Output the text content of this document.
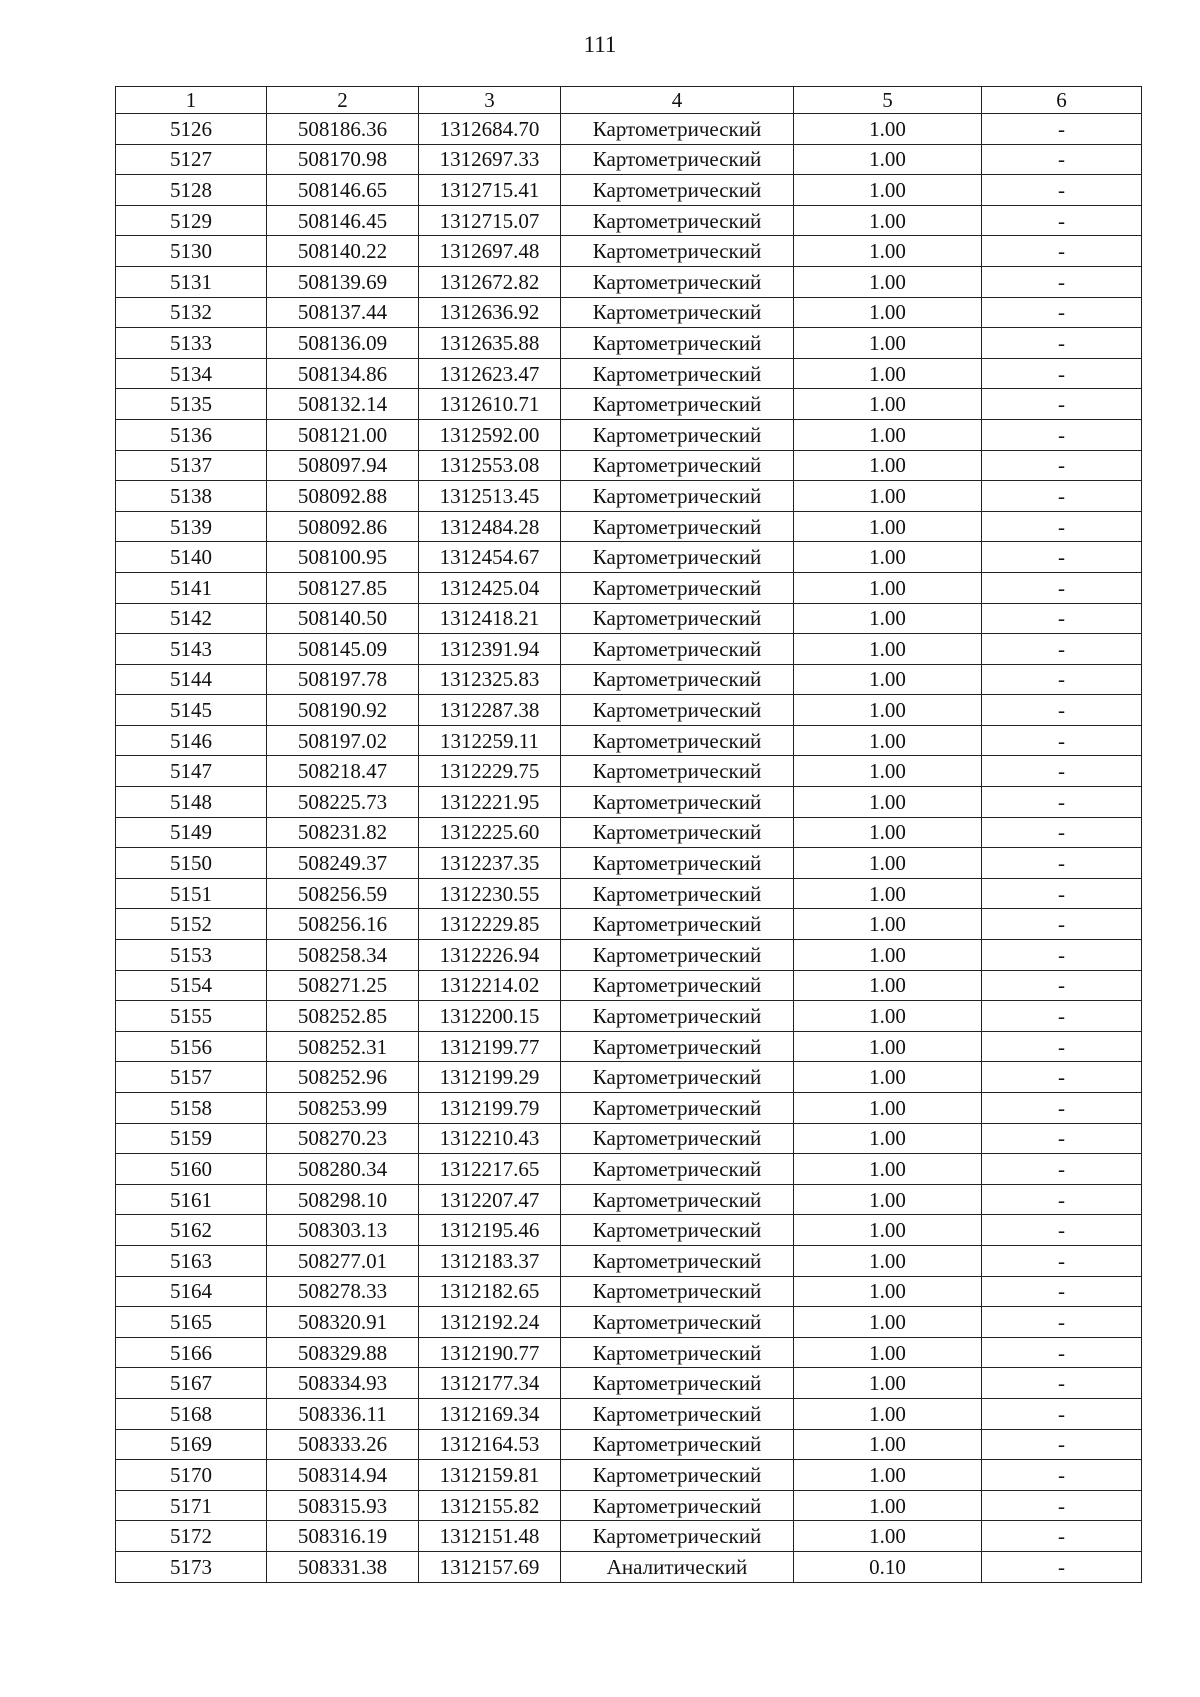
111
1	2	3	4	5	6
5126	508186.36	1312684.70	Картометрический	1.00	-
5127	508170.98	1312697.33	Картометрический	1.00	-
5128	508146.65	1312715.41	Картометрический	1.00	-
5129	508146.45	1312715.07	Картометрический	1.00	-
5130	508140.22	1312697.48	Картометрический	1.00	-
5131	508139.69	1312672.82	Картометрический	1.00	-
5132	508137.44	1312636.92	Картометрический	1.00	-
5133	508136.09	1312635.88	Картометрический	1.00	-
5134	508134.86	1312623.47	Картометрический	1.00	-
5135	508132.14	1312610.71	Картометрический	1.00	-
5136	508121.00	1312592.00	Картометрический	1.00	-
5137	508097.94	1312553.08	Картометрический	1.00	-
5138	508092.88	1312513.45	Картометрический	1.00	-
5139	508092.86	1312484.28	Картометрический	1.00	-
5140	508100.95	1312454.67	Картометрический	1.00	-
5141	508127.85	1312425.04	Картометрический	1.00	-
5142	508140.50	1312418.21	Картометрический	1.00	-
5143	508145.09	1312391.94	Картометрический	1.00	-
5144	508197.78	1312325.83	Картометрический	1.00	-
5145	508190.92	1312287.38	Картометрический	1.00	-
5146	508197.02	1312259.11	Картометрический	1.00	-
5147	508218.47	1312229.75	Картометрический	1.00	-
5148	508225.73	1312221.95	Картометрический	1.00	-
5149	508231.82	1312225.60	Картометрический	1.00	-
5150	508249.37	1312237.35	Картометрический	1.00	-
5151	508256.59	1312230.55	Картометрический	1.00	-
5152	508256.16	1312229.85	Картометрический	1.00	-
5153	508258.34	1312226.94	Картометрический	1.00	-
5154	508271.25	1312214.02	Картометрический	1.00	-
5155	508252.85	1312200.15	Картометрический	1.00	-
5156	508252.31	1312199.77	Картометрический	1.00	-
5157	508252.96	1312199.29	Картометрический	1.00	-
5158	508253.99	1312199.79	Картометрический	1.00	-
5159	508270.23	1312210.43	Картометрический	1.00	-
5160	508280.34	1312217.65	Картометрический	1.00	-
5161	508298.10	1312207.47	Картометрический	1.00	-
5162	508303.13	1312195.46	Картометрический	1.00	-
5163	508277.01	1312183.37	Картометрический	1.00	-
5164	508278.33	1312182.65	Картометрический	1.00	-
5165	508320.91	1312192.24	Картометрический	1.00	-
5166	508329.88	1312190.77	Картометрический	1.00	-
5167	508334.93	1312177.34	Картометрический	1.00	-
5168	508336.11	1312169.34	Картометрический	1.00	-
5169	508333.26	1312164.53	Картометрический	1.00	-
5170	508314.94	1312159.81	Картометрический	1.00	-
5171	508315.93	1312155.82	Картометрический	1.00	-
5172	508316.19	1312151.48	Картометрический	1.00	-
5173	508331.38	1312157.69	Аналитический	0.10	-
